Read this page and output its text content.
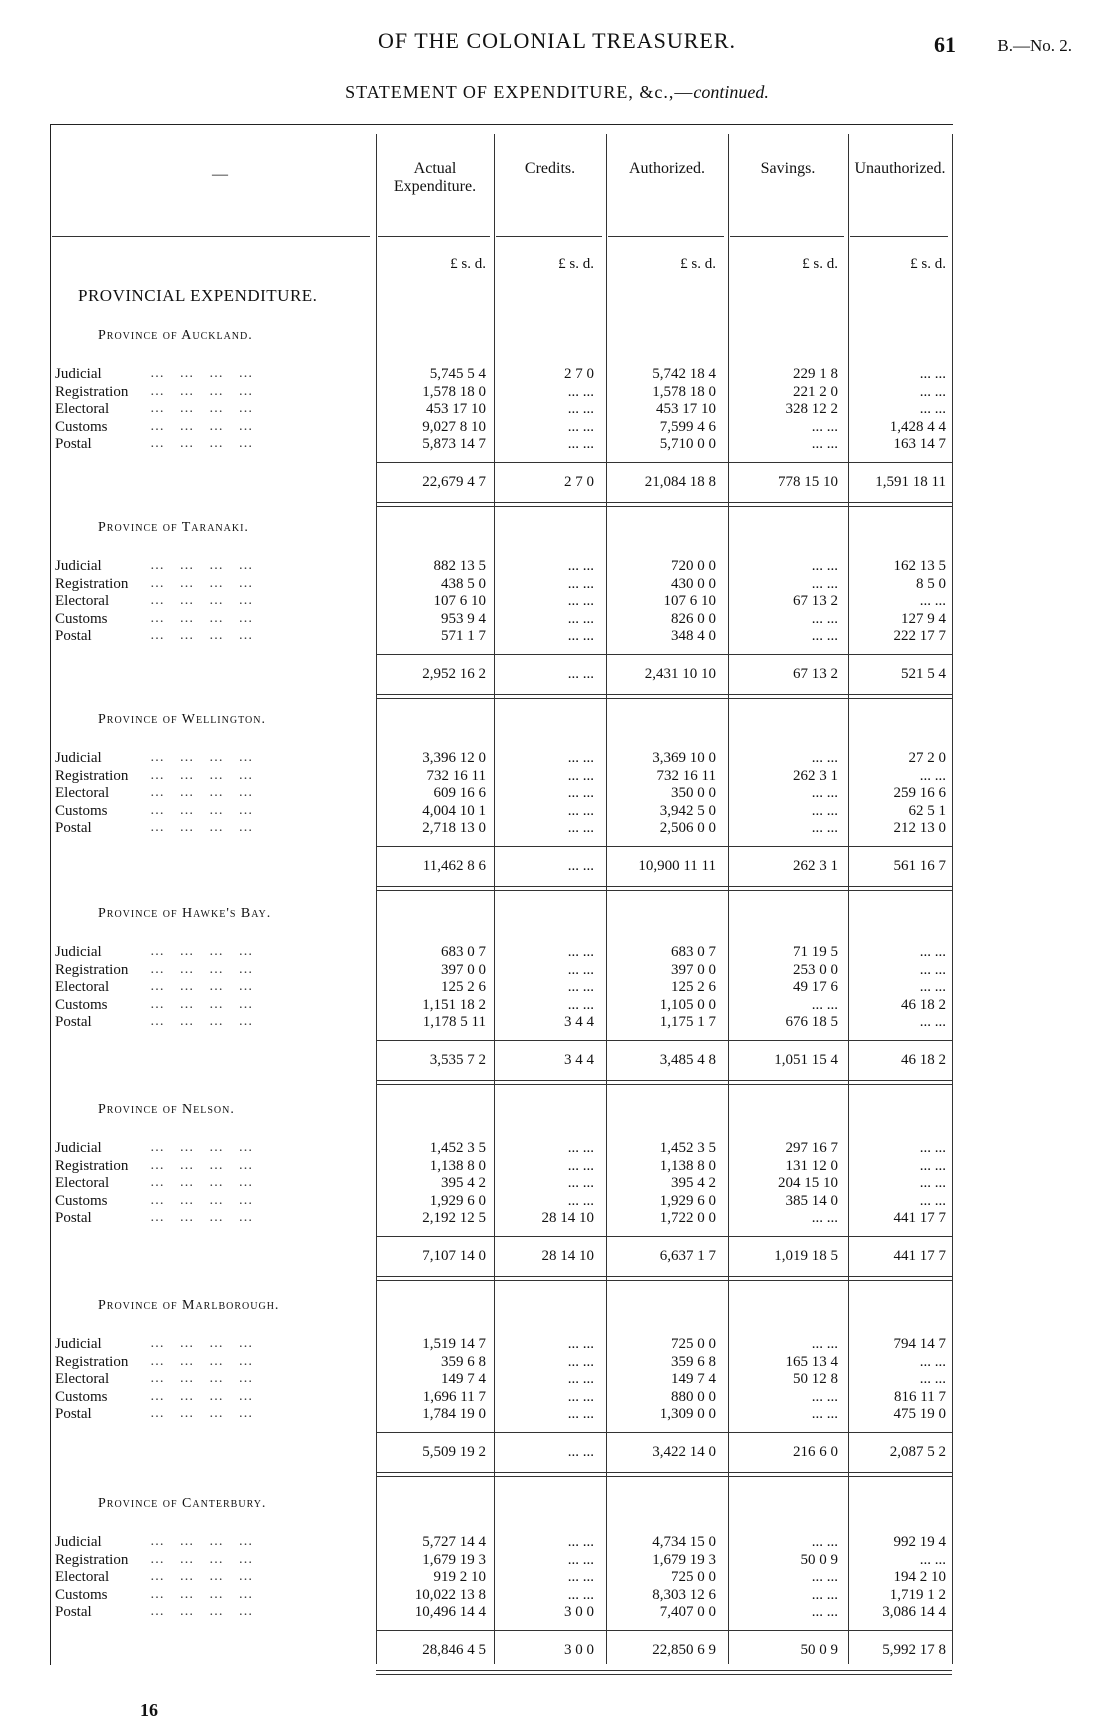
OF THE COLONIAL TREASURER.	61 B.—No. 2.
STATEMENT OF EXPENDITURE, &c.,—continued.
Actual Expenditure.
£ s. d.
Credits.
£ s. d.
Authorized.
£ s. d.
Savings.
£ s. d.
Unauthorized.
£ s. d.
—
PROVINCIAL EXPENDITURE.
Province of Auckland.
Judicial	… … … …	5,745 5 4	2 7 0	5,742 18 4	229 1 8	... ...
Registration … … … …	1,578 18 0	... ...	1,578 18 0	221 2 0	... ...
Electoral	… … … …	453 17 10	... ...	453 17 10	328 12 2	... ...
Customs	… … … …	9,027 8 10	... ...	7,599 4 6	... ...	1,428 4 4
Postal	… … … …	5,873 14 7	... ...	5,710 0 0	... ...	163 14 7
22,679 4 7	2 7 0	21,084 18 8	778 15 10	1,591 18 11
Province of Taranaki.
Judicial	… … … …	882 13 5	... ...	720 0 0	... ...	162 13 5
Registration … … … …	438 5 0	... ...	430 0 0	... ...	8 5 0
Electoral	… … … …	107 6 10	... ...	107 6 10	67 13 2	... ...
Customs	… … … …	953 9 4	... ...	826 0 0	... ...	127 9 4
Postal	… … … …	571 1 7	... ...	348 4 0	... ...	222 17 7
2,952 16 2	... ...	2,431 10 10	67 13 2	521 5 4
Province of Wellington.
Judicial	… … … …	3,396 12 0	... ...	3,369 10 0	... ...	27 2 0
Registration … … … …	732 16 11	... ...	732 16 11	262 3 1	... ...
Electoral	… … … …	609 16 6	... ...	350 0 0	... ...	259 16 6
Customs	… … … …	4,004 10 1	... ...	3,942 5 0	... ...	62 5 1
Postal	… … … …	2,718 13 0	... ...	2,506 0 0	... ...	212 13 0
11,462 8 6	... ...	10,900 11 11	262 3 1	561 16 7
Province of Hawke's Bay.
Judicial	… … … …	683 0 7	... ...	683 0 7	71 19 5	... ...
Registration … … … …	397 0 0	... ...	397 0 0	253 0 0	... ...
Electoral	… … … …	125 2 6	... ...	125 2 6	49 17 6	... ...
Customs	… … … …	1,151 18 2	... ...	1,105 0 0	... ...	46 18 2
Postal	… … … …	1,178 5 11	3 4 4	1,175 1 7	676 18 5	... ...
3,535 7 2	3 4 4	3,485 4 8	1,051 15 4	46 18 2
Province of Nelson.
Judicial	… … … …	1,452 3 5	... ...	1,452 3 5	297 16 7	... ...
Registration … … … …	1,138 8 0	... ...	1,138 8 0	131 12 0	... ...
Electoral	… … … …	395 4 2	... ...	395 4 2	204 15 10	... ...
Customs	… … … …	1,929 6 0	... ...	1,929 6 0	385 14 0	... ...
Postal	… … … …	2,192 12 5	28 14 10	1,722 0 0	... ...	441 17 7
7,107 14 0	28 14 10	6,637 1 7	1,019 18 5	441 17 7
Province of Marlborough.
Judicial	… … … …	1,519 14 7	... ...	725 0 0	... ...	794 14 7
Registration … … … …	359 6 8	... ...	359 6 8	165 13 4	... ...
Electoral	… … … …	149 7 4	... ...	149 7 4	50 12 8	... ...
Customs	… … … …	1,696 11 7	... ...	880 0 0	... ...	816 11 7
Postal	… … … …	1,784 19 0	... ...	1,309 0 0	... ...	475 19 0
5,509 19 2	... ...	3,422 14 0	216 6 0	2,087 5 2
Province of Canterbury.
Judicial	… … … …	5,727 14 4	... ...	4,734 15 0	... ...	992 19 4
Registration … … … …	1,679 19 3	... ...	1,679 19 3	50 0 9	... ...
Electoral	… … … …	919 2 10	... ...	725 0 0	... ...	194 2 10
Customs	… … … …	10,022 13 8	... ...	8,303 12 6	... ...	1,719 1 2
Postal	… … … …	10,496 14 4	3 0 0	7,407 0 0	... ...	3,086 14 4
28,846 4 5	3 0 0	22,850 6 9	50 0 9	5,992 17 8
16
